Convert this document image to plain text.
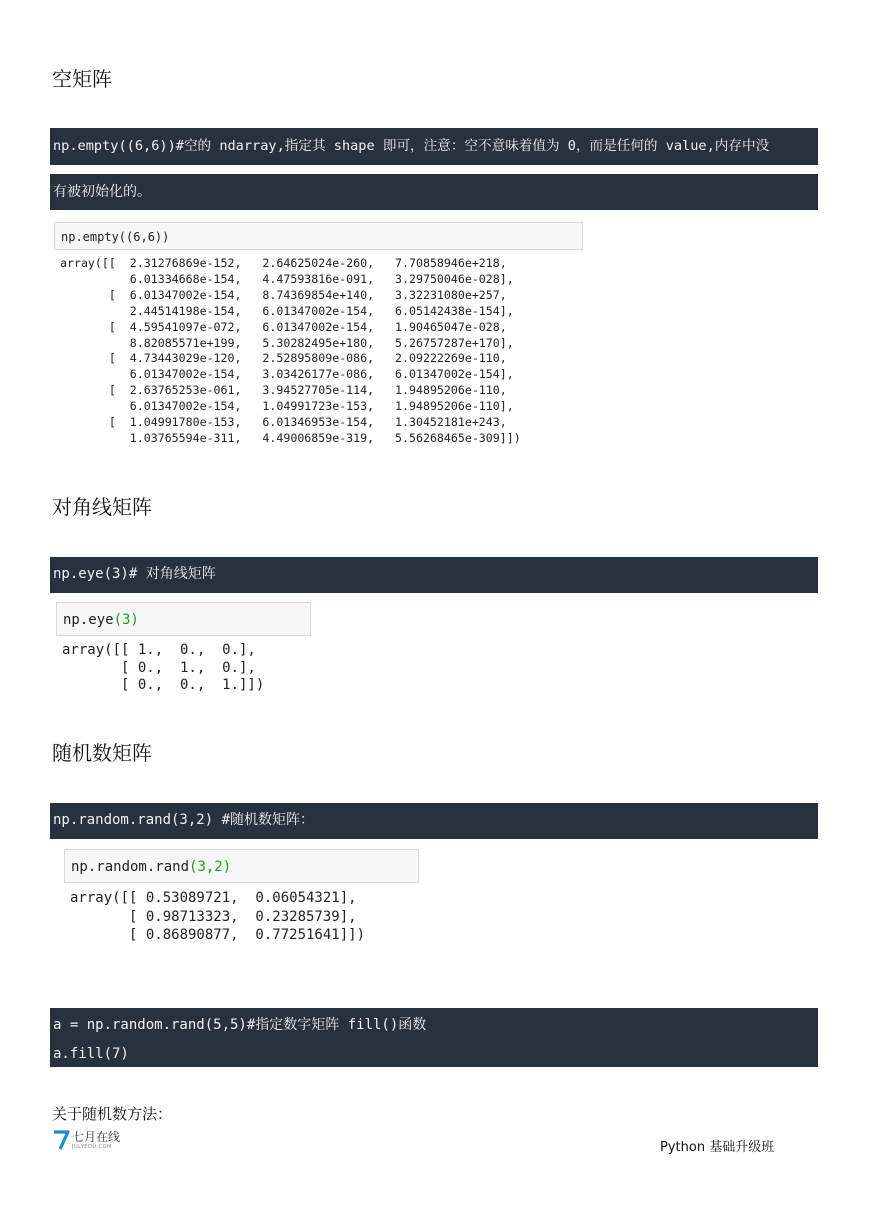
空矩阵
np.empty((6,6))#空的 ndarray,指定其 shape 即可，注意：空不意味着值为 0，而是任何的 value,内存中没
有被初始化的。
np.empty((6,6))
array([[  2.31276869e-152,   2.64625024e-260,   7.70858946e+218,
6.01334668e-154,   4.47593816e-091,   3.29750046e-028],
[  6.01347002e-154,   8.74369854e+140,   3.32231080e+257,
2.44514198e-154,   6.01347002e-154,   6.05142438e-154],
[  4.59541097e-072,   6.01347002e-154,   1.90465047e-028,
8.82085571e+199,   5.30282495e+180,   5.26757287e+170],
[  4.73443029e-120,   2.52895809e-086,   2.09222269e-110,
6.01347002e-154,   3.03426177e-086,   6.01347002e-154],
[  2.63765253e-061,   3.94527705e-114,   1.94895206e-110,
6.01347002e-154,   1.04991723e-153,   1.94895206e-110],
[  1.04991780e-153,   6.01346953e-154,   1.30452181e+243,
1.03765594e-311,   4.49006859e-319,   5.56268465e-309]])
对角线矩阵
np.eye(3)# 对角线矩阵
np.eye(3)
array([[ 1.,  0.,  0.],
[ 0.,  1.,  0.],
[ 0.,  0.,  1.]])
随机数矩阵
np.random.rand(3,2) #随机数矩阵：
np.random.rand(3,2)
array([[ 0.53089721,  0.06054321],
[ 0.98713323,  0.23285739],
[ 0.86890877,  0.77251641]])
a = np.random.rand(5,5)#指定数字矩阵 fill()函数
a.fill(7)
关于随机数方法：
七月在线
JULYEDU.COM	Python 基础升级班
